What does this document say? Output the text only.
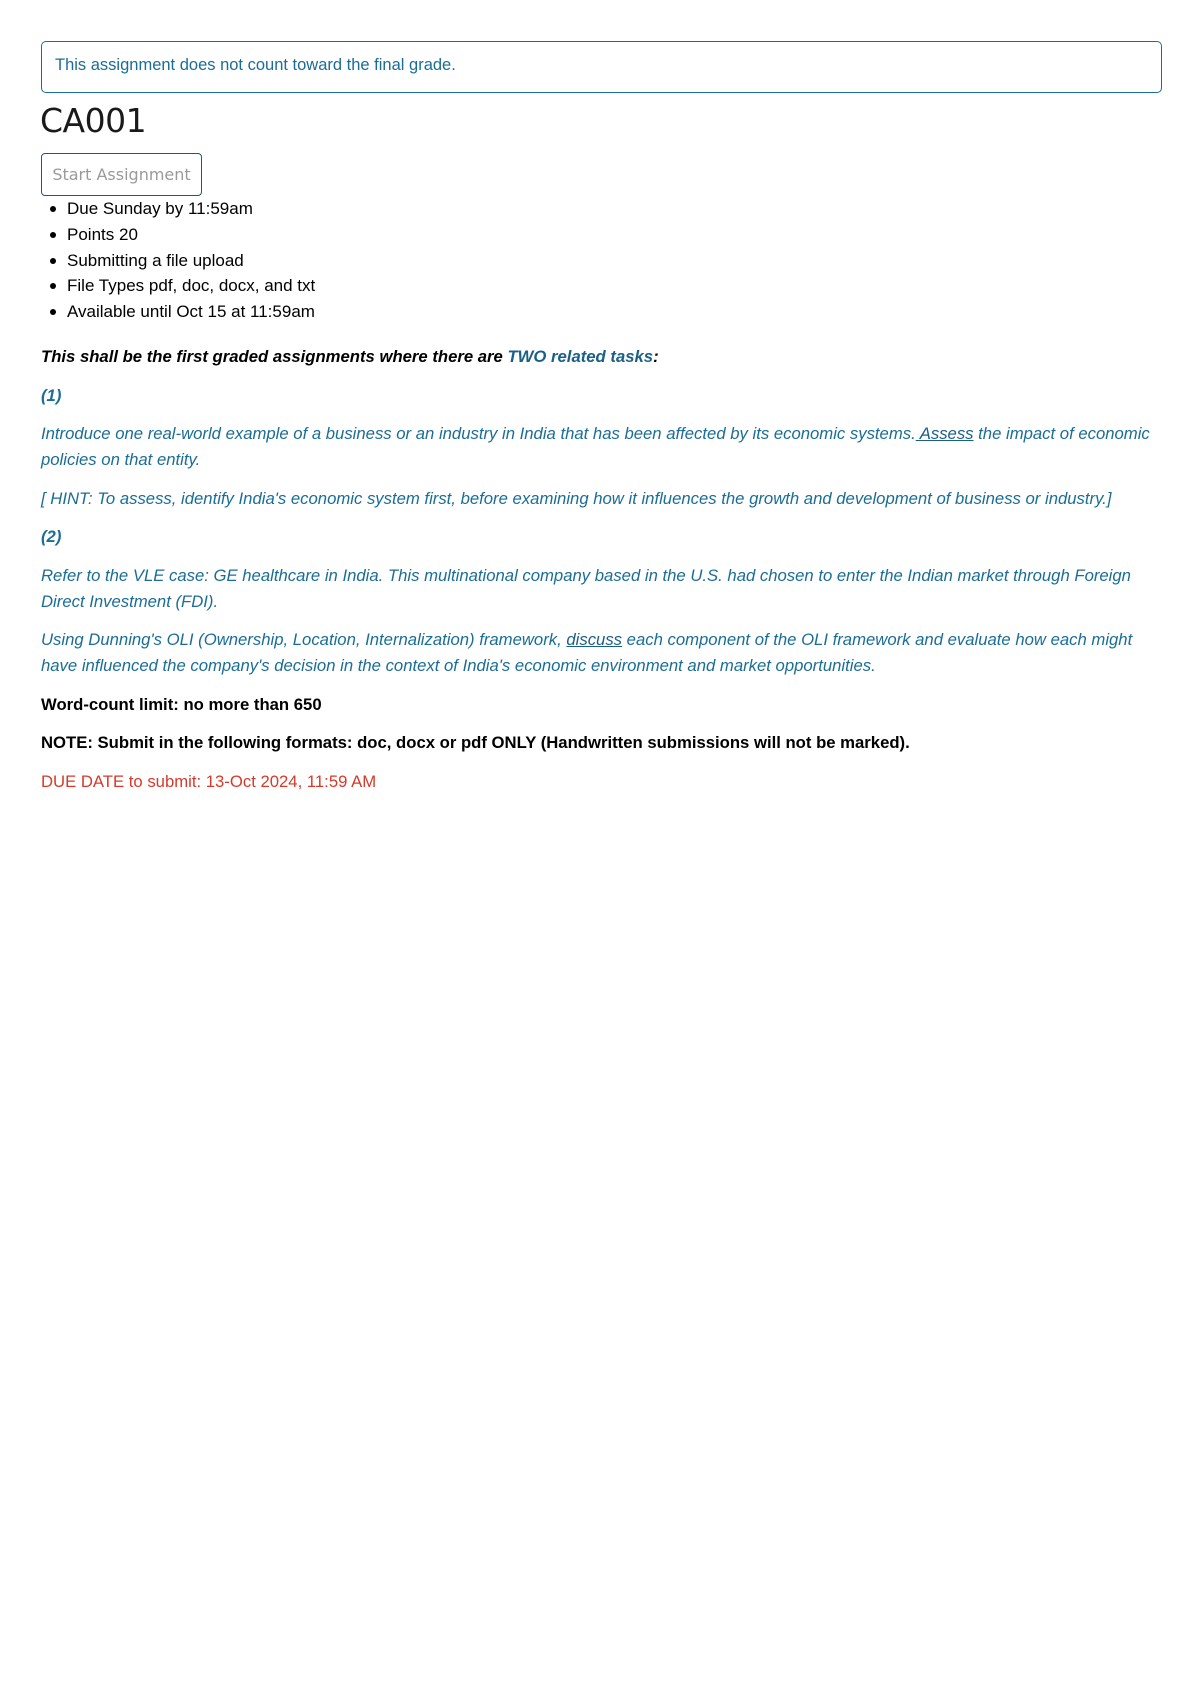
This assignment does not count toward the final grade.
CA001
Start Assignment
Due Sunday by 11:59am
Points 20
Submitting a file upload
File Types pdf, doc, docx, and txt
Available until Oct 15 at 11:59am

This shall be the first graded assignments where there are TWO related tasks:

(1)

Introduce one real-world example of a business or an industry in India that has been affected by its economic systems. Assess the impact of economic policies on that entity.

[ HINT: To assess, identify India's economic system first, before examining how it influences the growth and development of business or industry.]

(2)

Refer to the VLE case: GE healthcare in India. This multinational company based in the U.S. had chosen to enter the Indian market through Foreign Direct Investment (FDI).

Using Dunning's OLI (Ownership, Location, Internalization) framework, discuss each component of the OLI framework and evaluate how each might have influenced the company's decision in the context of India's economic environment and market opportunities.

Word-count limit: no more than 650

NOTE: Submit in the following formats: doc, docx or pdf ONLY (Handwritten submissions will not be marked).

DUE DATE to submit: 13-Oct 2024, 11:59 AM
